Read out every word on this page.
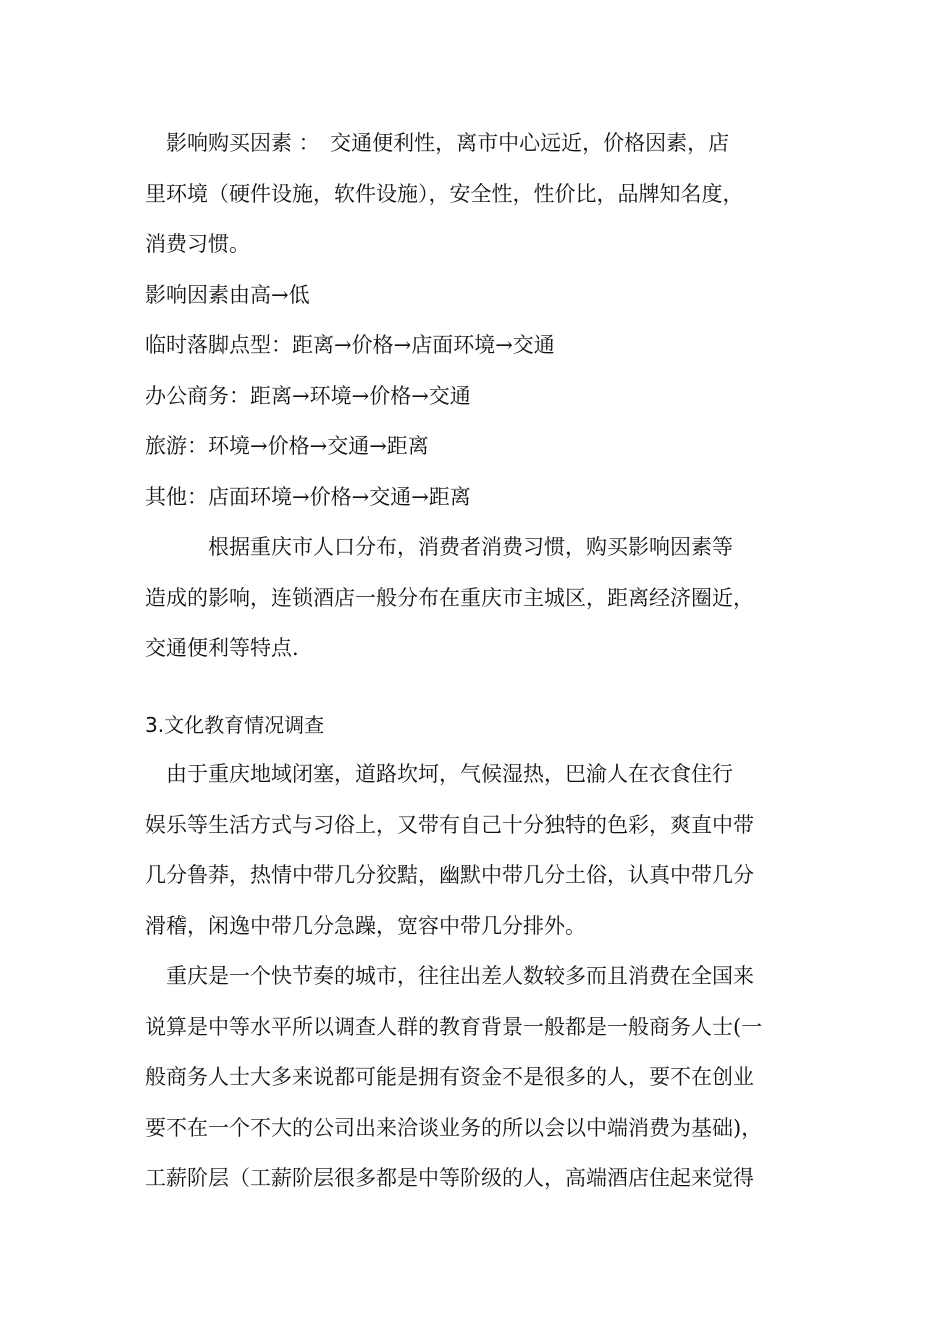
　影响购买因素 ：　交通便利性，离市中心远近，价格因素，店
里环境（硬件设施，软件设施），安全性，性价比，品牌知名度，
消费习惯。
影响因素由高→低
临时落脚点型：距离→价格→店面环境→交通
办公商务：距离→环境→价格→交通
旅游：环境→价格→交通→距离
其他：店面环境→价格→交通→距离
　　　根据重庆市人口分布，消费者消费习惯，购买影响因素等
造成的影响，连锁酒店一般分布在重庆市主城区，距离经济圈近，
交通便利等特点.
3.文化教育情况调查
　由于重庆地域闭塞，道路坎坷，气候湿热，巴渝人在衣食住行
娱乐等生活方式与习俗上，又带有自己十分独特的色彩，爽直中带
几分鲁莽，热情中带几分狡黠，幽默中带几分土俗，认真中带几分
滑稽，闲逸中带几分急躁，宽容中带几分排外。
　重庆是一个快节奏的城市，往往出差人数较多而且消费在全国来
说算是中等水平所以调查人群的教育背景一般都是一般商务人士(一
般商务人士大多来说都可能是拥有资金不是很多的人，要不在创业
要不在一个不大的公司出来洽谈业务的所以会以中端消费为基础)，
工薪阶层（工薪阶层很多都是中等阶级的人，高端酒店住起来觉得
